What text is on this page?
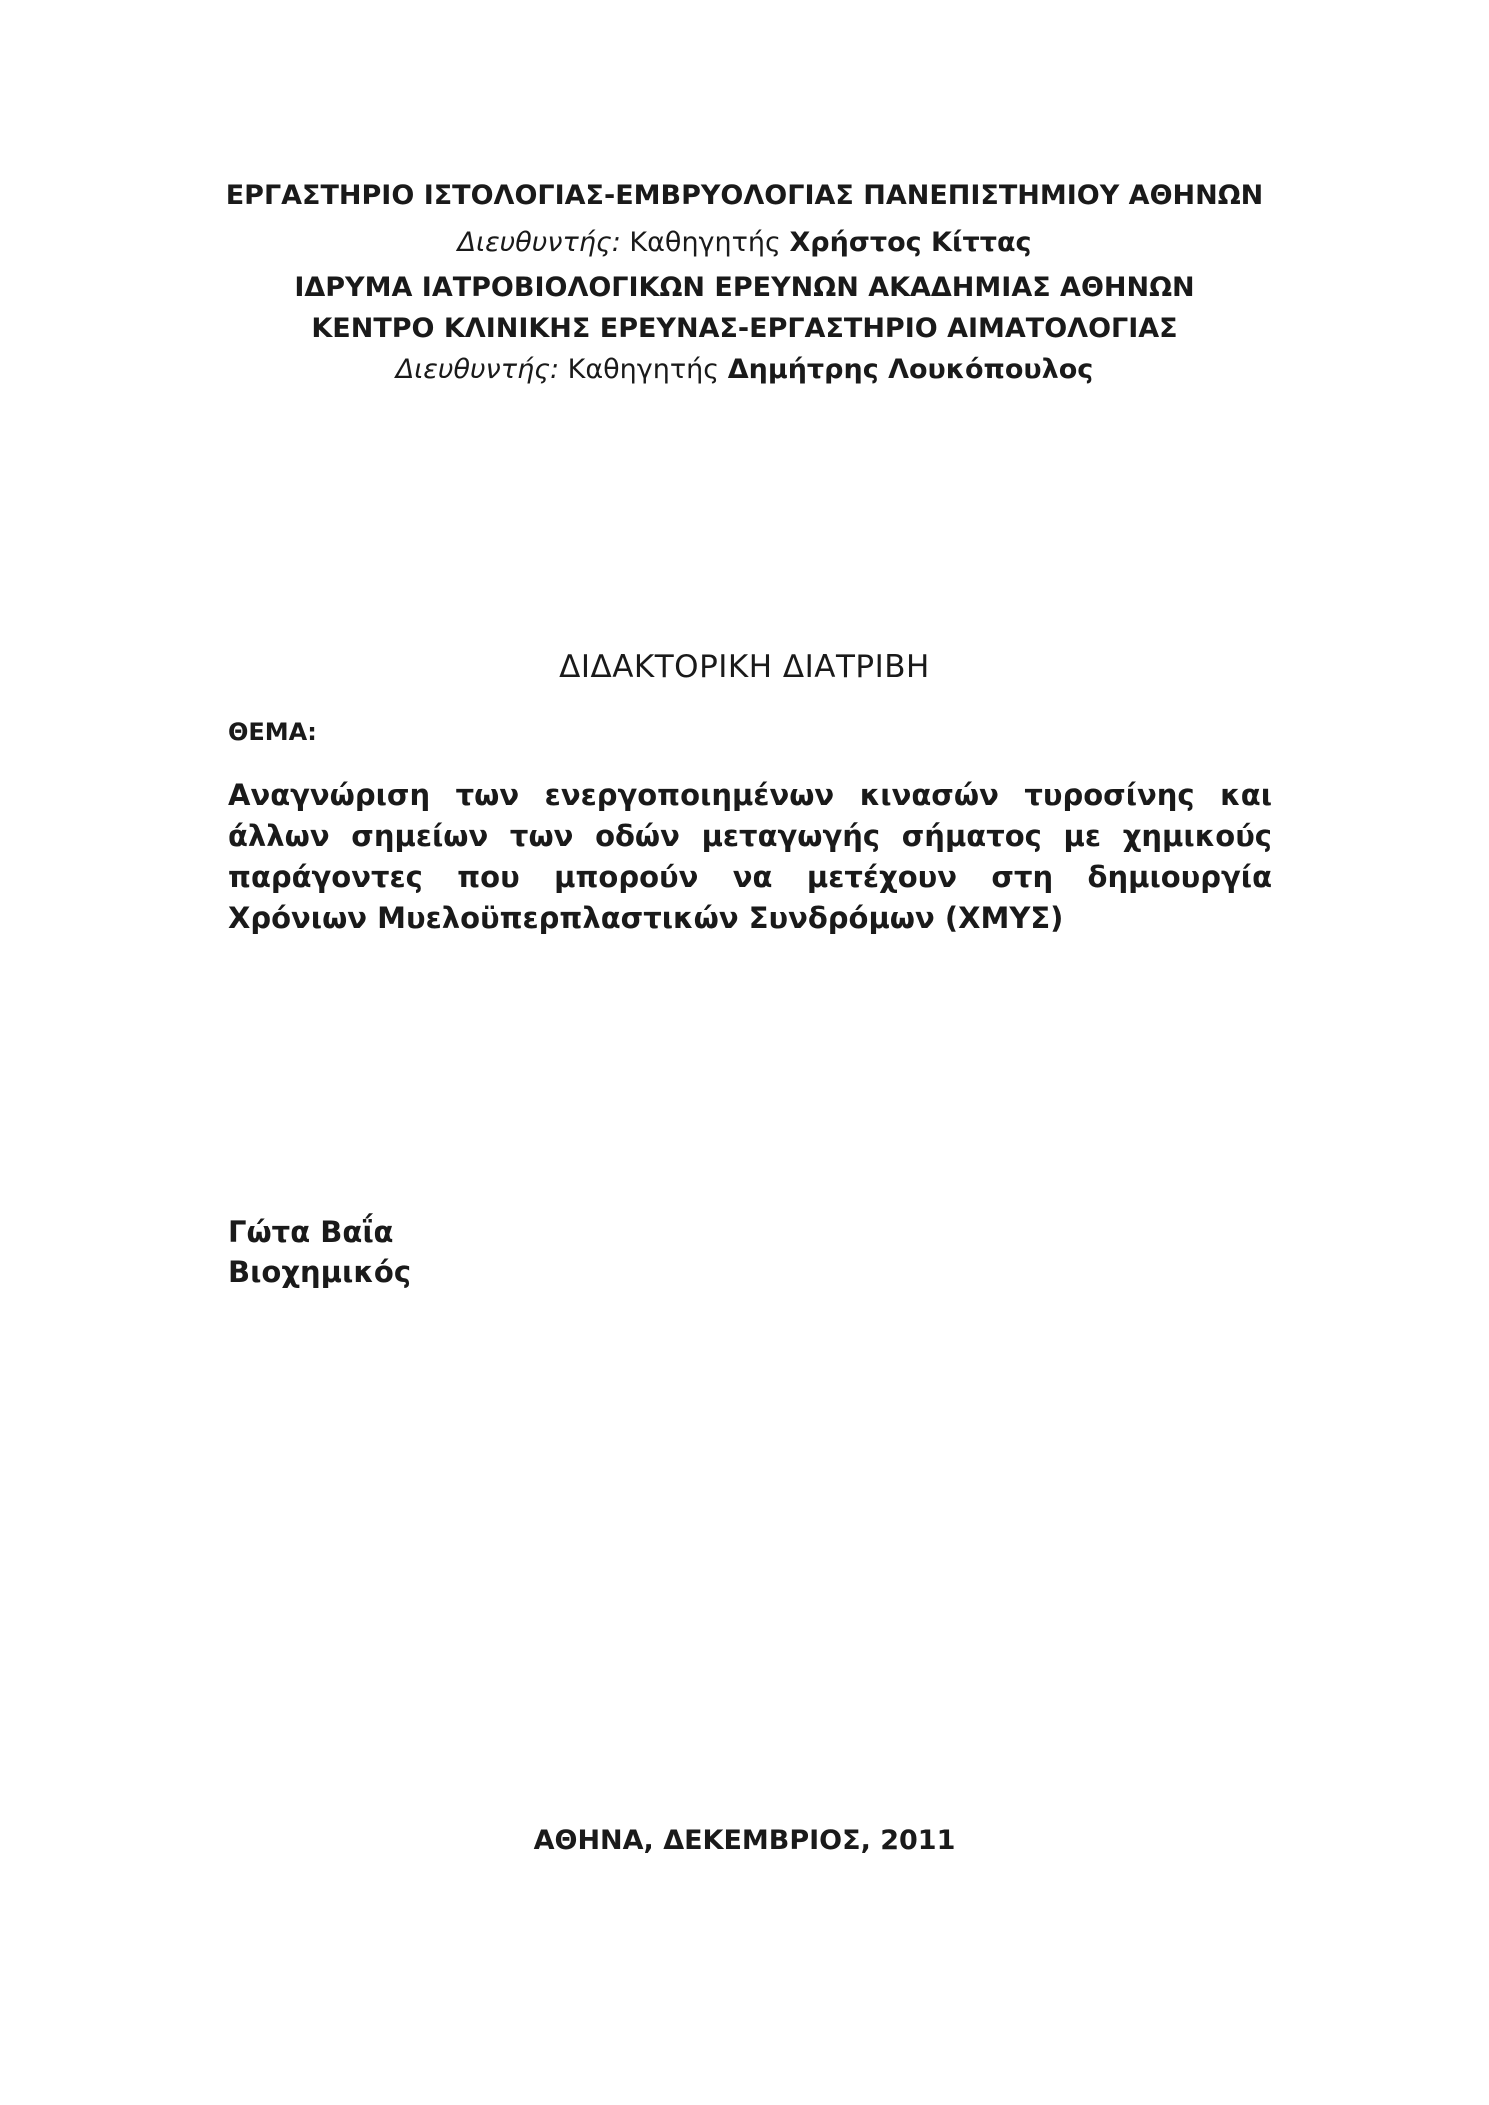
ΕΡΓΑΣΤΗΡΙΟ ΙΣΤΟΛΟΓΙΑΣ-ΕΜΒΡΥΟΛΟΓΙΑΣ ΠΑΝΕΠΙΣΤΗΜΙΟΥ ΑΘΗΝΩΝ
Διευθυντής: Καθηγητής Χρήστος Κίττας
ΙΔΡΥΜΑ ΙΑΤΡΟΒΙΟΛΟΓΙΚΩΝ ΕΡΕΥΝΩΝ ΑΚΑΔΗΜΙΑΣ ΑΘΗΝΩΝ
ΚΕΝΤΡΟ ΚΛΙΝΙΚΗΣ ΕΡΕΥΝΑΣ-ΕΡΓΑΣΤΗΡΙΟ ΑΙΜΑΤΟΛΟΓΙΑΣ
Διευθυντής: Καθηγητής Δημήτρης Λουκόπουλος
ΔΙΔΑΚΤΟΡΙΚΗ ΔΙΑΤΡΙΒΗ
ΘΕΜΑ:
Αναγνώριση των ενεργοποιημένων κινασών τυροσίνης και άλλων σημείων των οδών μεταγωγής σήματος με χημικούς παράγοντες που μπορούν να μετέχουν στη δημιουργία Χρόνιων Μυελοϋπερπλαστικών Συνδρόμων (ΧΜΥΣ)
Γώτα Βαΐα
Βιοχημικός
ΑΘΗΝΑ, ΔΕΚΕΜΒΡΙΟΣ, 2011
